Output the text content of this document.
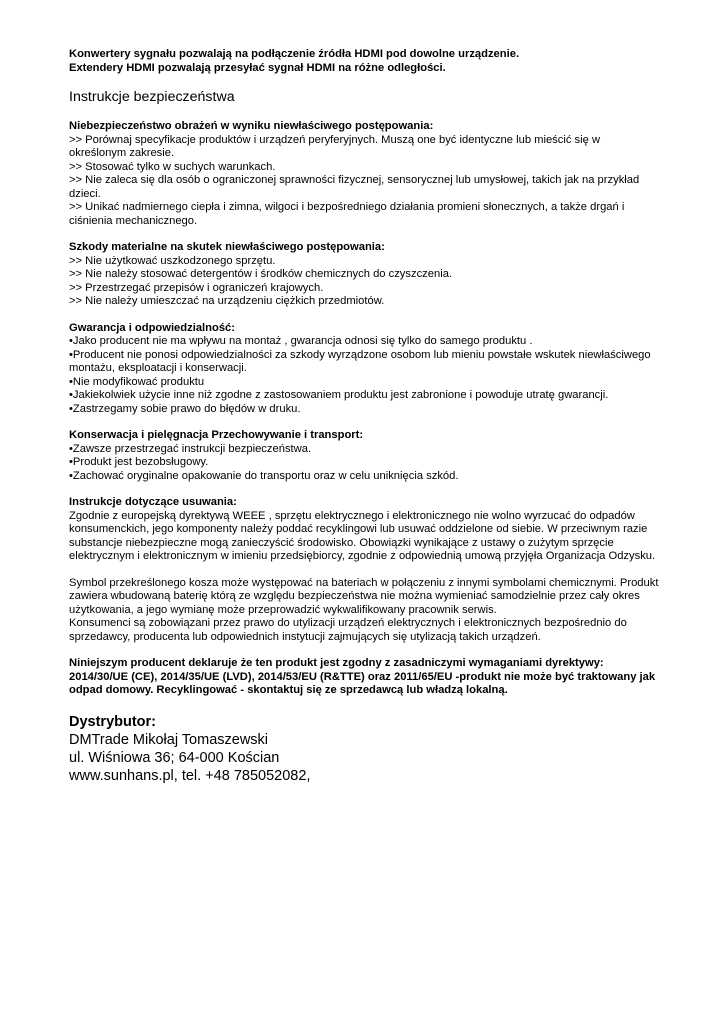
Konwertery sygnału pozwalają na podłączenie źródła HDMI pod dowolne urządzenie.

Extendery HDMI pozwalają przesyłać sygnał HDMI na różne odległości.

Instrukcje bezpieczeństwa

Niebezpieczeństwo obrażeń w wyniku niewłaściwego postępowania:

>> Porównaj specyfikacje produktów i urządzeń peryferyjnych. Muszą one być identyczne lub mieścić się w określonym zakresie.
>> Stosować tylko w suchych warunkach.
>> Nie zaleca się dla osób o ograniczonej sprawności fizycznej, sensorycznej lub umysłowej, takich jak na przykład dzieci.
>> Unikać nadmiernego ciepła i zimna, wilgoci i bezpośredniego działania promieni słonecznych, a także drgań i ciśnienia mechanicznego.

Szkody materialne na skutek niewłaściwego postępowania:

>> Nie użytkować uszkodzonego sprzętu.
>> Nie należy stosować detergentów i środków chemicznych do czyszczenia.
>> Przestrzegać przepisów i ograniczeń krajowych.
>> Nie należy umieszczać na urządzeniu ciężkich przedmiotów.

Gwarancja i odpowiedzialność:

•Jako producent nie ma wpływu na montaż , gwarancja odnosi się tylko do samego produktu .
•Producent nie ponosi odpowiedzialności za szkody wyrządzone osobom lub mieniu powstałe wskutek niewłaściwego montażu, eksploatacji i konserwacji.
•Nie modyfikować produktu
•Jakiekolwiek użycie inne niż zgodne z zastosowaniem produktu jest zabronione i powoduje utratę gwarancji.
•Zastrzegamy sobie prawo do błędów w druku.

Konserwacja i pielęgnacja Przechowywanie i transport:

•Zawsze przestrzegać instrukcji bezpieczeństwa.
•Produkt jest bezobsługowy.
•Zachować oryginalne opakowanie do transportu oraz w celu uniknięcia szkód.

Instrukcje dotyczące usuwania:

Zgodnie z europejską dyrektywą WEEE , sprzętu elektrycznego i elektronicznego nie wolno wyrzucać do odpadów konsumenckich, jego komponenty należy poddać recyklingowi lub usuwać oddzielone od siebie. W przeciwnym razie substancje niebezpieczne mogą zanieczyścić środowisko. Obowiązki wynikające z ustawy o zużytym sprzęcie elektrycznym i elektronicznym w imieniu przedsiębiorcy, zgodnie z odpowiednią umową przyjęła Organizacja Odzysku.

Symbol przekreślonego kosza może występować na bateriach w połączeniu z innymi symbolami chemicznymi. Produkt zawiera wbudowaną baterię którą ze względu bezpieczeństwa nie można wymieniać samodzielnie przez cały okres użytkowania, a jego wymianę może przeprowadzić wykwalifikowany pracownik serwis.

Konsumenci są zobowiązani przez prawo do utylizacji urządzeń elektrycznych i elektronicznych bezpośrednio do sprzedawcy, producenta lub odpowiednich instytucji zajmujących się utylizacją takich urządzeń.

Niniejszym producent deklaruje że ten produkt jest zgodny z zasadniczymi wymaganiami dyrektywy: 2014/30/UE (CE), 2014/35/UE (LVD), 2014/53/EU (R&TTE) oraz 2011/65/EU -produkt nie może być traktowany jak odpad domowy. Recyklingować - skontaktuj się ze sprzedawcą lub władzą lokalną.

Dystrybutor:

DMTrade Mikołaj Tomaszewski

ul. Wiśniowa 36; 64-000 Kościan

www.sunhans.pl, tel. +48 785052082,
